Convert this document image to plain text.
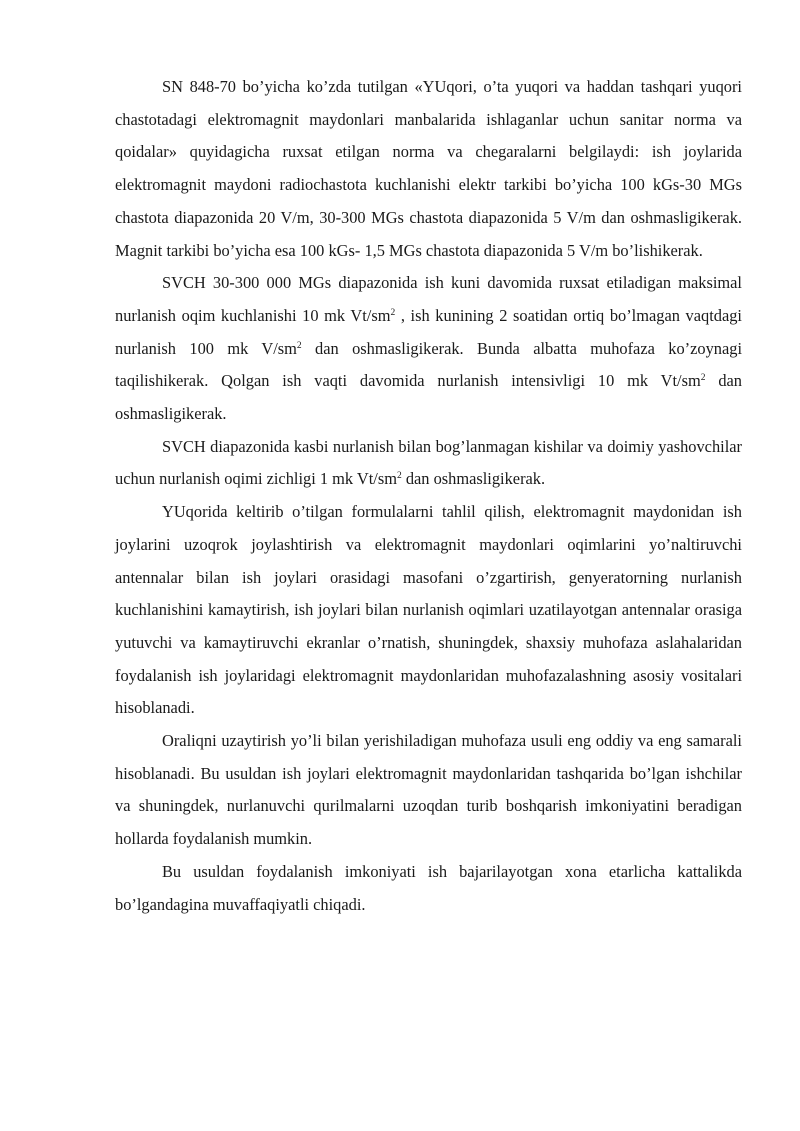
SN 848-70 bo’yicha ko’zda tutilgan «YUqori, o’ta yuqori va haddan tashqari yuqori chastotadagi elektromagnit maydonlari manbalarida ishlaganlar uchun sanitar norma va qoidalar» quyidagicha ruxsat etilgan norma va chegaralarni belgilaydi: ish joylarida elektromagnit maydoni radiochastota kuchlanishi elektr tarkibi bo’yicha 100 kGs-30 MGs chastota diapazonida 20 V/m, 30-300 MGs chastota diapazonida 5 V/m dan oshmasligikerak. Magnit tarkibi bo’yicha esa 100 kGs- 1,5 MGs chastota diapazonida 5 V/m bo’lishikerak.

SVCH 30-300 000 MGs diapazonida ish kuni davomida ruxsat etiladigan maksimal nurlanish oqim kuchlanishi 10 mk $Vt/sm^2$ , ish kunining 2 soatidan ortiq bo’lmagan vaqtdagi nurlanish 100 mk $V/sm^2$ dan oshmasligikerak. Bunda albatta muhofaza ko’zoynagi taqilishikerak. Qolgan ish vaqti davomida nurlanish intensivligi 10 mk $Vt/sm^2$ dan oshmasligikerak.

SVCH diapazonida kasbi nurlanish bilan bog’lanmagan kishilar va doimiy yashovchilar uchun nurlanish oqimi zichligi 1 mk $Vt/sm^2$ dan oshmasligikerak.

YUqorida keltirib o’tilgan formulalarni tahlil qilish, elektromagnit maydonidan ish joylarini uzoqrok joylashtirish va elektromagnit maydonlari oqimlarini yo’naltiruvchi antennalar bilan ish joylari orasidagi masofani o’zgartirish, genyeratorning nurlanish kuchlanishini kamaytirish, ish joylari bilan nurlanish oqimlari uzatilayotgan antennalar orasiga yutuvchi va kamaytiruvchi ekranlar o’rnatish, shuningdek, shaxsiy muhofaza aslahalaridan foydalanish ish joylaridagi elektromagnit maydonlaridan muhofazalashning asosiy vositalari hisoblanadi.

Oraliqni uzaytirish yo’li bilan yerishiladigan muhofaza usuli eng oddiy va eng samarali hisoblanadi. Bu usuldan ish joylari elektromagnit maydonlaridan tashqarida bo’lgan ishchilar va shuningdek, nurlanuvchi qurilmalarni uzoqdan turib boshqarish imkoniyatini beradigan hollarda foydalanish mumkin.

Bu usuldan foydalanish imkoniyati ish bajarilayotgan xona etarlicha kattalikda bo’lgandagina muvaffaqiyatli chiqadi.
